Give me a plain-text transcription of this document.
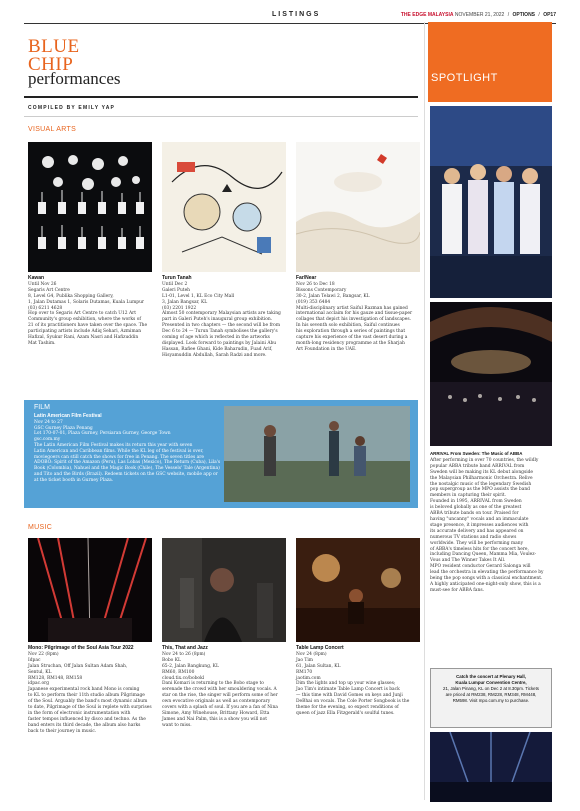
LISTINGS	THE EDGE MALAYSIA NOVEMBER 21, 2022 / OPTIONS / OP17
BLUE
CHIP
performances
COMPILED BY EMILY YAP
VISUAL ARTS
Kawan
Until Nov 26
Segaris Art Centre
8, Level G4, Publika Shopping Gallery,
1, Jalan Dutamas 1, Solaris Dutamas, Kuala Lumpur
(03) 6211 4628
Hop over to Segaris Art Centre to catch U12 Art
Community's group exhibition, where the works of
21 of its practitioners have taken over the space. The
participating artists include Adiq Sehari, Azmiman
Hafizal, Syukur Rani, Azam Nasri and Hafizuddin
Mat Tashim.
Turun Tanah
Until Dec 2
Galeri Puteh
L1-01, Level 1, KL Eco City Mall
3, Jalan Bangsar, KL
(03) 2201 1922
Almost 50 contemporary Malaysian artists are taking
part in Galeri Puteh's inaugural group exhibition.
Presented in two chapters — the second will be from
Dec 6 to 24 — Turun Tanah symbolises the gallery's
coming of age which is reflected in the artworks
displayed. Look forward to paintings by Jalaini Abu
Hassan, Rafiee Ghani, Kide Baharudin, Fuad Arif,
Hisyamuddin Abdullah, Sarah Radzi and more.
Far/Near
Nov 26 to Dec 18
Bissons Contemporary
30-2, Jalan Telawi 2, Bangsar, KL
(019) 353 6484
Multi-disciplinary artist Saiful Razman has gained
international acclaim for his gauze and tissue-paper
collages that depict his investigation of landscapes.
In his seventh solo exhibition, Saiful continues
his exploration through a series of paintings that
capture his experience of the vast desert during a
month-long residency programme at the Sharjah
Art Foundation in the UAE.
FILM
Latin American Film Festival
Nov 24 to 27
GSC Gurney Plaza Penang
Lot 170-07-01, Plaza Gurney, Persiaran Gurney, George Town
gsc.com.my
The Latin American Film Festival makes its return this year with seven
Latin American and Caribbean films. While the KL leg of the festival is over,
moviegoers can still catch the shows for free in Penang. The seven titles are
ADOBO: Spirit of the Amazon (Peru), Las Lobas (Mexico), The Return (Cuba), Lila's
Book (Colombia), Nahuel and the Magic Book (Chile), The Vessels' Tale (Argentina)
and Tito and the Birds (Brazil). Redeem tickets on the GSC website, mobile app or
at the ticket booth in Gurney Plaza.
MUSIC
Mono: Pilgrimage of the Soul Asia Tour 2022
Nov 22 (8pm)
Idpac
Jalan Struchan, Off Jalan Sultan Adam Shah,
Sentul, KL
RM128, RM148, RM158
idpac.org
Japanese experimental rock band Mono is coming
to KL to perform their 11th studio album Pilgrimage
of the Soul. Arguably the band's most dynamic album
to date, Pilgrimage of the Soul is replete with surprises
in the form of electronic instrumentation with
faster tempos influenced by disco and techno. As the
band enters its third decade, the album also harks
back to their journey in music.
This, That and Jazz
Nov 24 to 26 (8pm)
Bobo KL
65-2, Jalan Bangkung, KL
RM60, RM100
cloud.tix.co/bobokl
Dani Komari is returning to the Bobo stage to
serenade the crowd with her smouldering vocals. A
star on the rise, the singer will perform some of her
own evocative originals as well as contemporary
covers with a splash of soul. If you are a fan of Nina
Simone, Amy Winehouse, Brittany Howard, Etta
James and Nai Palm, this is a show you will not
want to miss.
Table Lamp Concert
Nov 24 (8pm)
Jao Tim
61, Jalan Sultan, KL
RM170
jaotim.com
Dim the lights and top up your wine glasses;
Jao Tim's intimate Table Lamp Concert is back
— this time with David Gomes on keys and Junji
DeBhai on vocals. The Cole Porter Songbook is the
theme for the evening, so expect renditions of
queen of jazz Ella Fitzgerald's soulful tunes.
SPOTLIGHT
ARRIVAL From Sweden: The Music of ABBA
After performing in over 70 countries, the wildly
popular ABBA tribute band ARRIVAL from
Sweden will be making its KL debut alongside
the Malaysian Philharmonic Orchestra. Relive
the nostalgic music of the legendary Swedish
pop supergroup as the MPO assists the band
members in capturing their spirit.
Founded in 1995, ARRIVAL from Sweden
is beloved globally as one of the greatest
ABBA tribute bands on tour. Praised for
having "uncanny" vocals and an immaculate
stage presence, it impresses audiences with
its accurate delivery and has appeared on
numerous TV stations and radio shows
worldwide. They will be performing many
of ABBA's timeless hits for the concert here,
including Dancing Queen, Mamma Mia, Voulez-
Vous and The Winner Takes It All.
MPO resident conductor Gerard Salonga will
lead the orchestra in elevating the performance by
being the pop songs with a classical enchantment.
A highly anticipated one-night-only show, this is a
must-see for ABBA fans.
Catch the concert at Plenary Hall,
Kuala Lumpur Convention Centre,
21, Jalan Pinang, KL on Dec 2 at 8.30pm. Tickets
are priced at RM238, RM228, RM348, RM448,
RM598. Visit mpo.com.my to purchase.
